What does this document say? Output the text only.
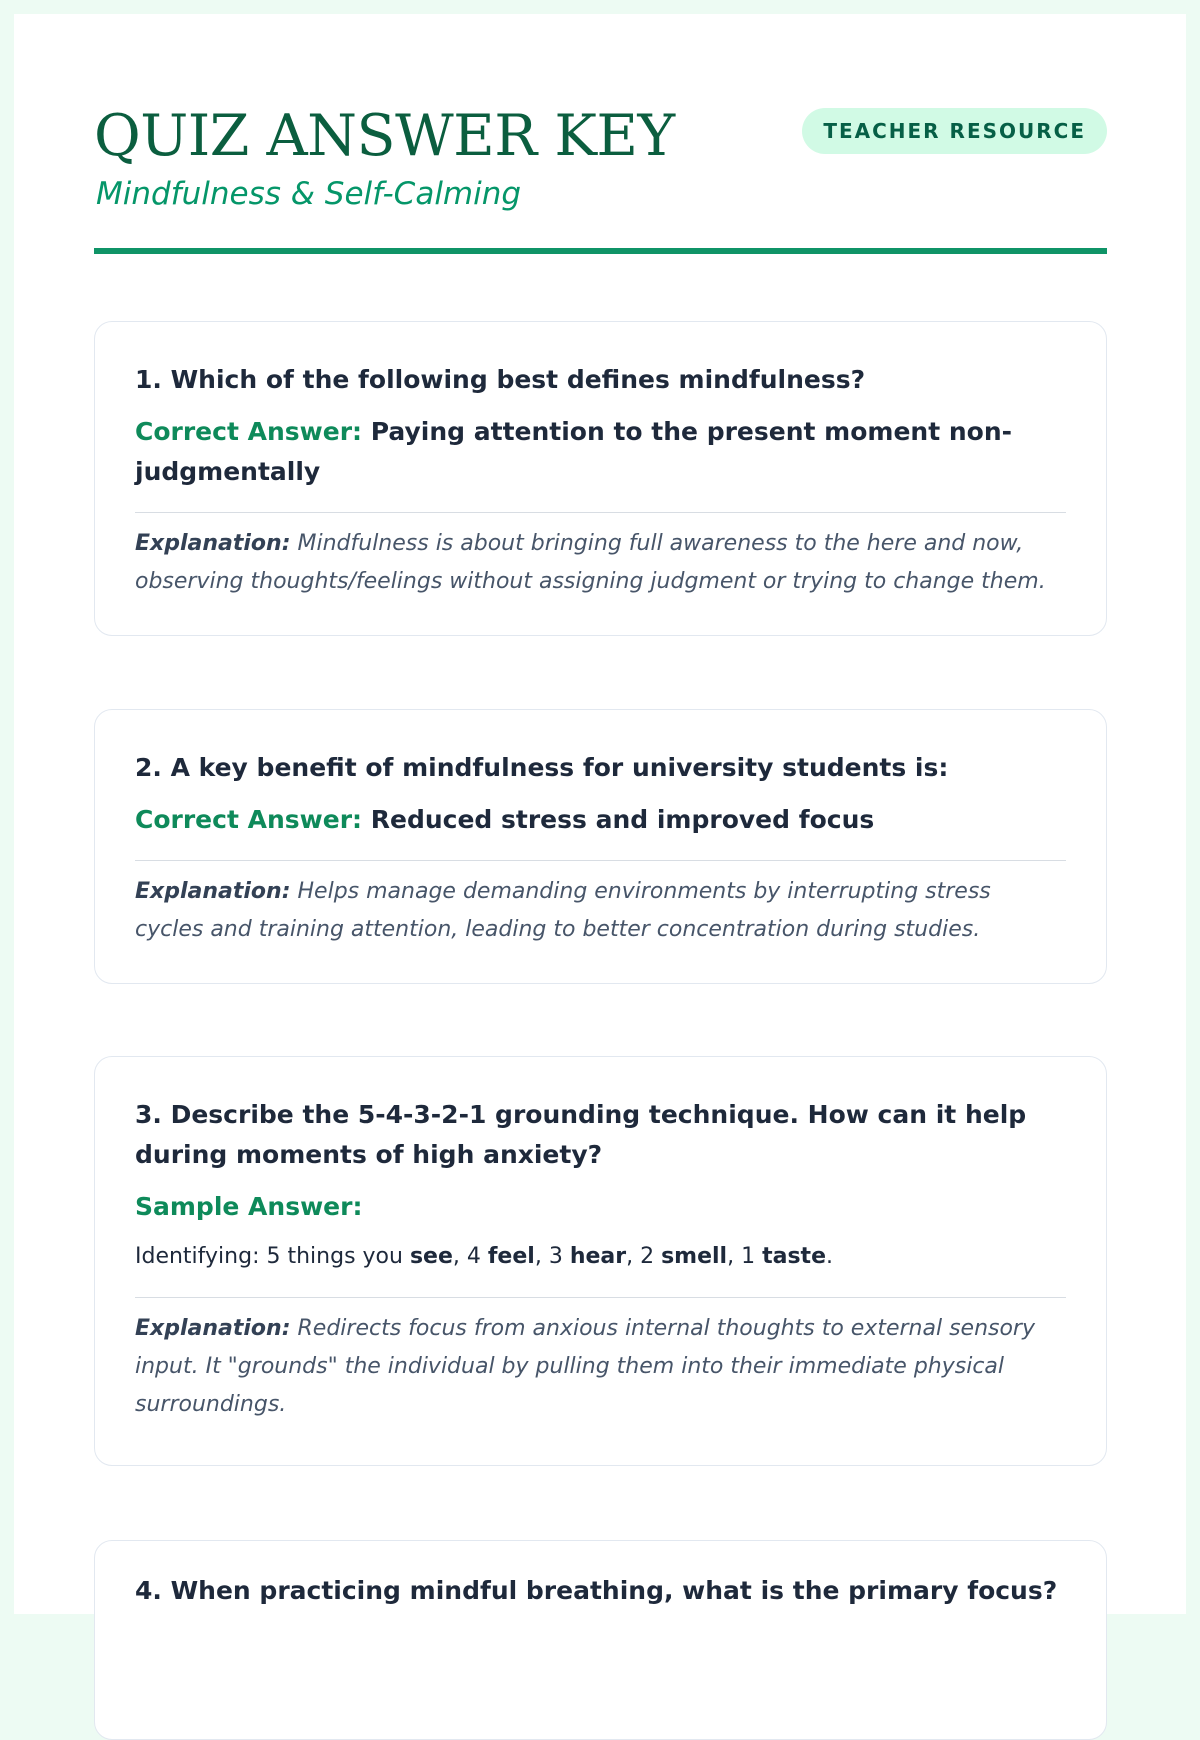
QUIZ ANSWER KEY
Mindfulness & Self-Calming
TEACHER RESOURCE

1. Which of the following best defines mindfulness?

Correct Answer: Paying attention to the present moment non-judgmentally

Explanation: Mindfulness is about bringing full awareness to the here and now, observing thoughts/feelings without assigning judgment or trying to change them.

2. A key benefit of mindfulness for university students is:

Correct Answer: Reduced stress and improved focus

Explanation: Helps manage demanding environments by interrupting stress cycles and training attention, leading to better concentration during studies.

3. Describe the 5-4-3-2-1 grounding technique. How can it help during moments of high anxiety?

Sample Answer:

Identifying: 5 things you see, 4 feel, 3 hear, 2 smell, 1 taste.

Explanation: Redirects focus from anxious internal thoughts to external sensory input. It "grounds" the individual by pulling them into their immediate physical surroundings.

4. When practicing mindful breathing, what is the primary focus?
